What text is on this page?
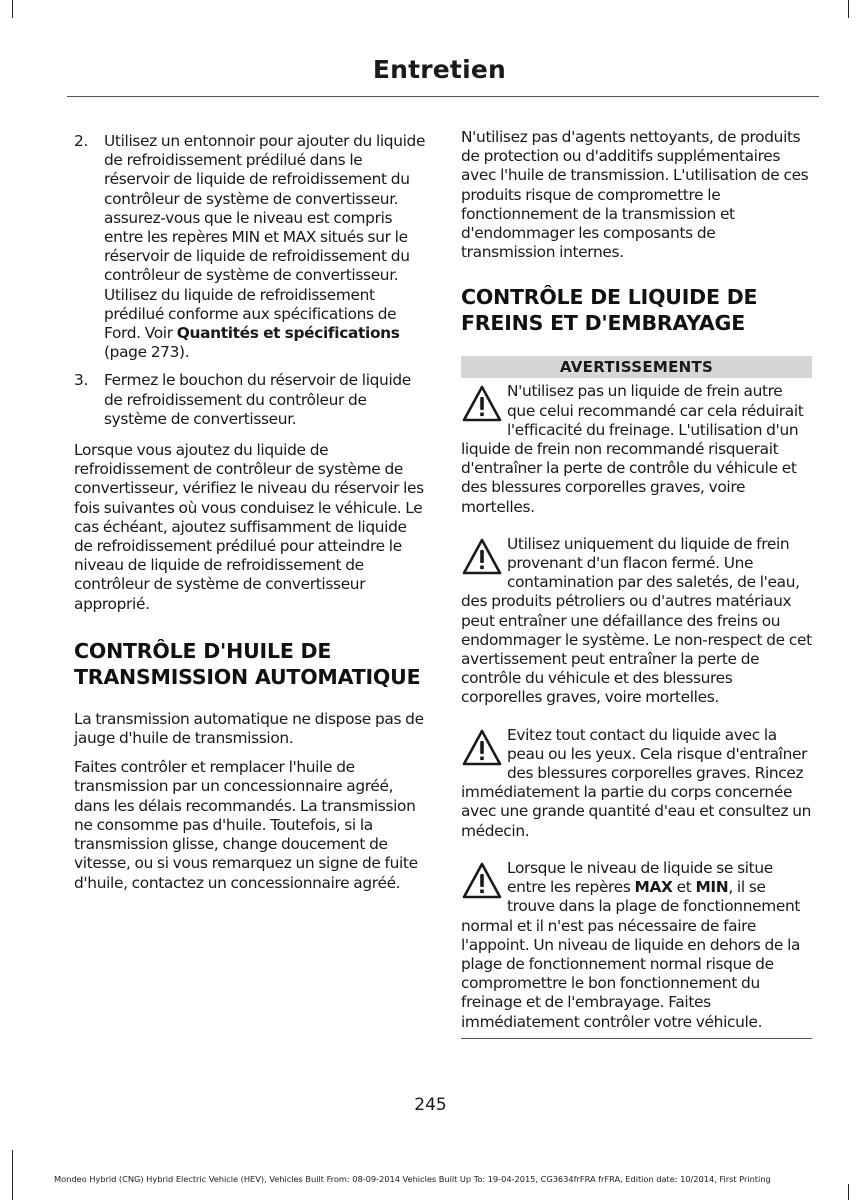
Entretien
2. Utilisez un entonnoir pour ajouter du liquide de refroidissement prédilué dans le réservoir de liquide de refroidissement du contrôleur de système de convertisseur. assurez-vous que le niveau est compris entre les repères MIN et MAX situés sur le réservoir de liquide de refroidissement du contrôleur de système de convertisseur. Utilisez du liquide de refroidissement prédilué conforme aux spécifications de Ford. Voir Quantités et spécifications (page 273).
3. Fermez le bouchon du réservoir de liquide de refroidissement du contrôleur de système de convertisseur.

Lorsque vous ajoutez du liquide de refroidissement de contrôleur de système de convertisseur, vérifiez le niveau du réservoir les fois suivantes où vous conduisez le véhicule. Le cas échéant, ajoutez suffisamment de liquide de refroidissement prédilué pour atteindre le niveau de liquide de refroidissement de contrôleur de système de convertisseur approprié.

CONTRÔLE D'HUILE DE TRANSMISSION AUTOMATIQUE

La transmission automatique ne dispose pas de jauge d'huile de transmission.

Faites contrôler et remplacer l'huile de transmission par un concessionnaire agréé, dans les délais recommandés. La transmission ne consomme pas d'huile. Toutefois, si la transmission glisse, change doucement de vitesse, ou si vous remarquez un signe de fuite d'huile, contactez un concessionnaire agréé.

N'utilisez pas d'agents nettoyants, de produits de protection ou d'additifs supplémentaires avec l'huile de transmission. L'utilisation de ces produits risque de compromettre le fonctionnement de la transmission et d'endommager les composants de transmission internes.

CONTRÔLE DE LIQUIDE DE FREINS ET D'EMBRAYAGE
AVERTISSEMENTS
N'utilisez pas un liquide de frein autre que celui recommandé car cela réduirait l'efficacité du freinage. L'utilisation d'un liquide de frein non recommandé risquerait d'entraîner la perte de contrôle du véhicule et des blessures corporelles graves, voire mortelles.
Utilisez uniquement du liquide de frein provenant d'un flacon fermé. Une contamination par des saletés, de l'eau, des produits pétroliers ou d'autres matériaux peut entraîner une défaillance des freins ou endommager le système. Le non-respect de cet avertissement peut entraîner la perte de contrôle du véhicule et des blessures corporelles graves, voire mortelles.
Evitez tout contact du liquide avec la peau ou les yeux. Cela risque d'entraîner des blessures corporelles graves. Rincez immédiatement la partie du corps concernée avec une grande quantité d'eau et consultez un médecin.
Lorsque le niveau de liquide se situe entre les repères MAX et MIN, il se trouve dans la plage de fonctionnement normal et il n'est pas nécessaire de faire l'appoint. Un niveau de liquide en dehors de la plage de fonctionnement normal risque de compromettre le bon fonctionnement du freinage et de l'embrayage. Faites immédiatement contrôler votre véhicule.
245
Mondeo Hybrid (CNG) Hybrid Electric Vehicle (HEV), Vehicles Built From: 08-09-2014 Vehicles Built Up To: 19-04-2015, CG3634frFRA frFRA, Edition date: 10/2014, First Printing
